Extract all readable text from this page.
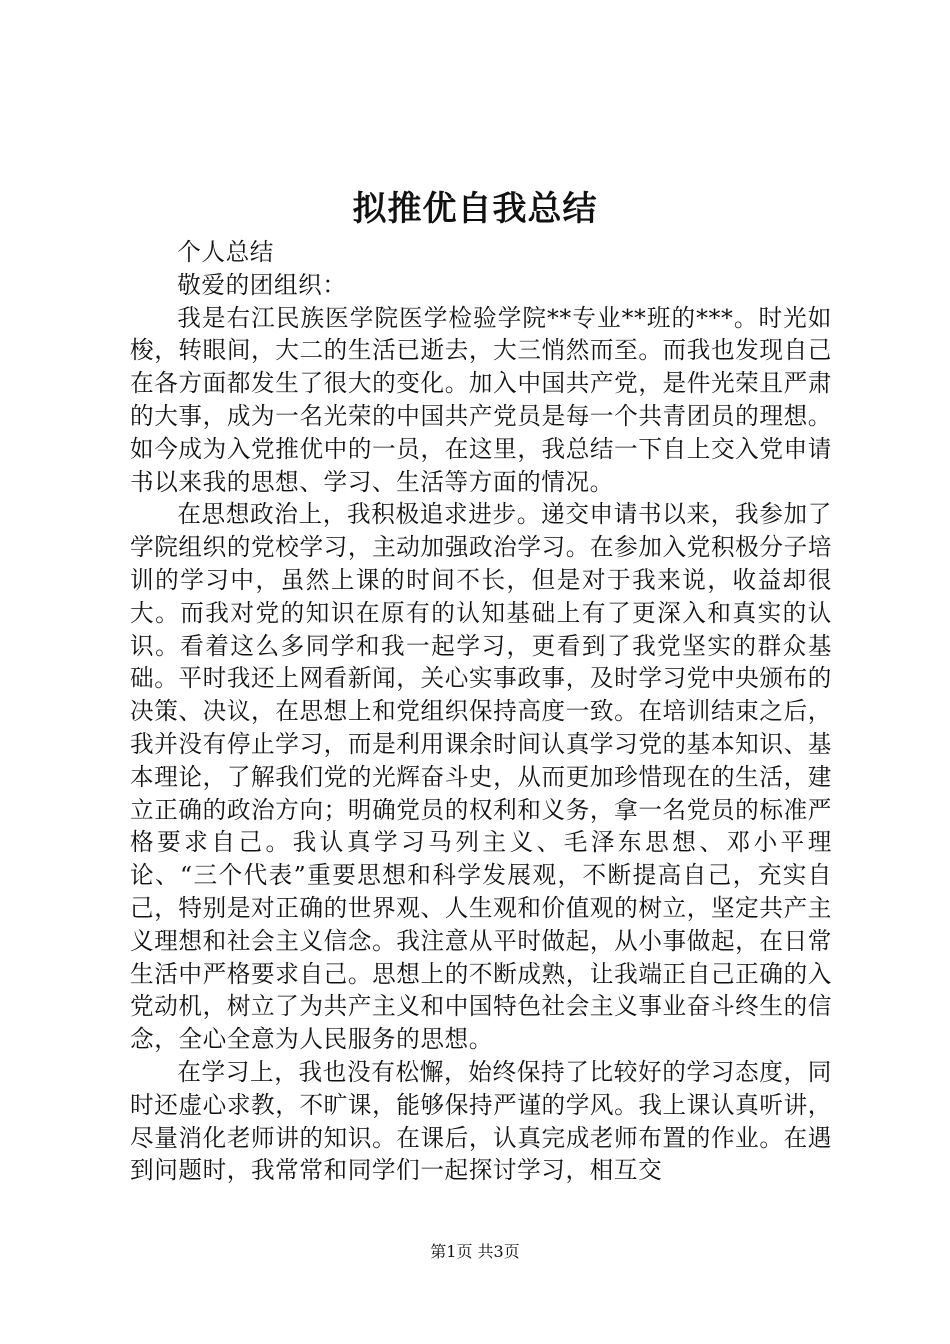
拟推优自我总结

个人总结

敬爱的团组织：

我是右江民族医学院医学检验学院**专业**班的***。时光如梭，转眼间，大二的生活已逝去，大三悄然而至。而我也发现自己在各方面都发生了很大的变化。加入中国共产党，是件光荣且严肃的大事，成为一名光荣的中国共产党员是每一个共青团员的理想。如今成为入党推优中的一员，在这里，我总结一下自上交入党申请书以来我的思想、学习、生活等方面的情况。

在思想政治上，我积极追求进步。递交申请书以来，我参加了学院组织的党校学习，主动加强政治学习。在参加入党积极分子培训的学习中，虽然上课的时间不长，但是对于我来说，收益却很大。而我对党的知识在原有的认知基础上有了更深入和真实的认识。看着这么多同学和我一起学习，更看到了我党坚实的群众基础。平时我还上网看新闻，关心实事政事，及时学习党中央颁布的决策、决议，在思想上和党组织保持高度一致。在培训结束之后，我并没有停止学习，而是利用课余时间认真学习党的基本知识、基本理论，了解我们党的光辉奋斗史，从而更加珍惜现在的生活，建立正确的政治方向；明确党员的权利和义务，拿一名党员的标准严格要求自己。我认真学习马列主义、毛泽东思想、邓小平理论、“三个代表”重要思想和科学发展观，不断提高自己，充实自己，特别是对正确的世界观、人生观和价值观的树立，坚定共产主义理想和社会主义信念。我注意从平时做起，从小事做起，在日常生活中严格要求自己。思想上的不断成熟，让我端正自己正确的入党动机，树立了为共产主义和中国特色社会主义事业奋斗终生的信念，全心全意为人民服务的思想。

在学习上，我也没有松懈，始终保持了比较好的学习态度，同时还虚心求教，不旷课，能够保持严谨的学风。我上课认真听讲，尽量消化老师讲的知识。在课后，认真完成老师布置的作业。在遇到问题时，我常常和同学们一起探讨学习，相互交

第1页 共3页
